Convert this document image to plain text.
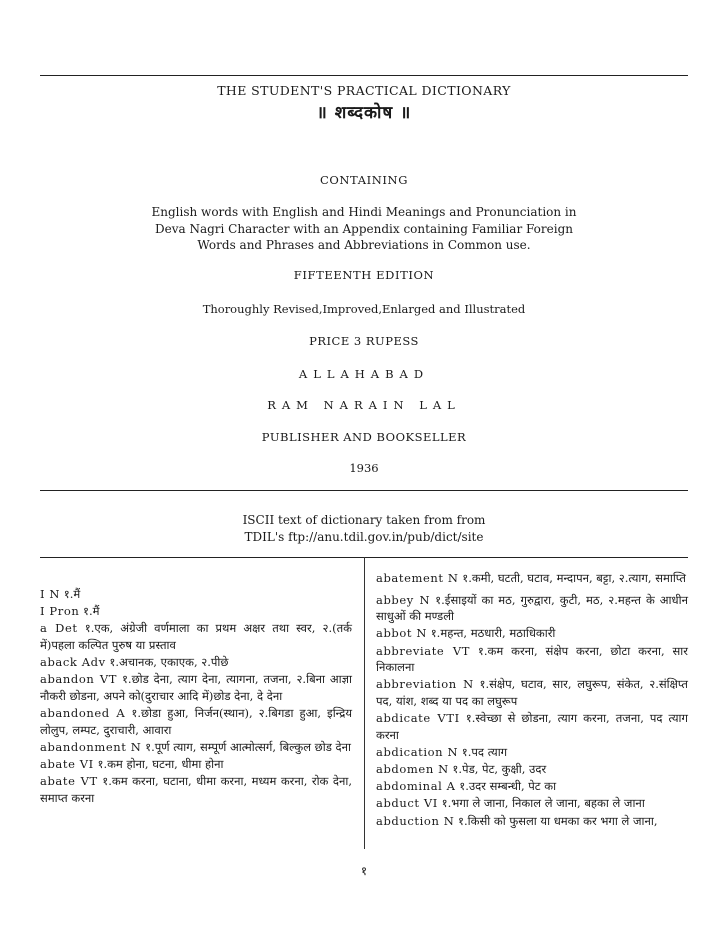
THE STUDENT'S PRACTICAL DICTIONARY
॥ शब्दकोष ॥
CONTAINING
English words with English and Hindi Meanings and Pronunciation in Deva Nagri Character with an Appendix containing Familiar Foreign Words and Phrases and Abbreviations in Common use.
FIFTEENTH EDITION
Thoroughly Revised,Improved,Enlarged and Illustrated
PRICE 3 RUPESS
ALLAHABAD
RAM NARAIN LAL
PUBLISHER AND BOOKSELLER
1936
ISCII text of dictionary taken from from
TDIL's ftp://anu.tdil.gov.in/pub/dict/site
I N १.मैं
I Pron १.मैं
a Det १.एक, अंग्रेजी वर्णमाला का प्रथम अक्षर तथा स्वर, २.(तर्क में)पहला कल्पित पुरुष या प्रस्ताव
aback Adv १.अचानक, एकाएक, २.पीछे
abandon VT १.छोड देना, त्याग देना, त्यागना, तजना, २.बिना आज्ञा नौकरी छोडना, अपने को(दुराचार आदि में)छोड देना, दे देना
abandoned A १.छोडा हुआ, निर्जन(स्थान), २.बिगडा हुआ, इन्द्रिय लोलुप, लम्पट, दुराचारी, आवारा
abandonment N १.पूर्ण त्याग, सम्पूर्ण आत्मोत्सर्ग, बिल्कुल छोड देना
abate VI १.कम होना, घटना, धीमा होना
abate VT १.कम करना, घटाना, धीमा करना, मध्यम करना, रोक देना, समाप्त करना
abatement N १.कमी, घटती, घटाव, मन्दापन, बट्टा, २.त्याग, समाप्ति
abbey N १.ईसाइयों का मठ, गुरुद्वारा, कुटी, मठ, २.महन्त के आधीन साधुओं की मण्डली
abbot N १.महन्त, मठधारी, मठाधिकारी
abbreviate VT १.कम करना, संक्षेप करना, छोटा करना, सार निकालना
abbreviation N १.संक्षेप, घटाव, सार, लघुरूप, संकेत, २.संक्षिप्त पद, यांश, शब्द या पद का लघुरूप
abdicate VTI १.स्वेच्छा से छोडना, त्याग करना, तजना, पद त्याग करना
abdication N १.पद त्याग
abdomen N १.पेड, पेट, कुक्षी, उदर
abdominal A १.उदर सम्बन्धी, पेट का
abduct VI १.भगा ले जाना, निकाल ले जाना, बहका ले जाना
abduction N १.किसी को फुसला या धमका कर भगा ले जाना,
१
